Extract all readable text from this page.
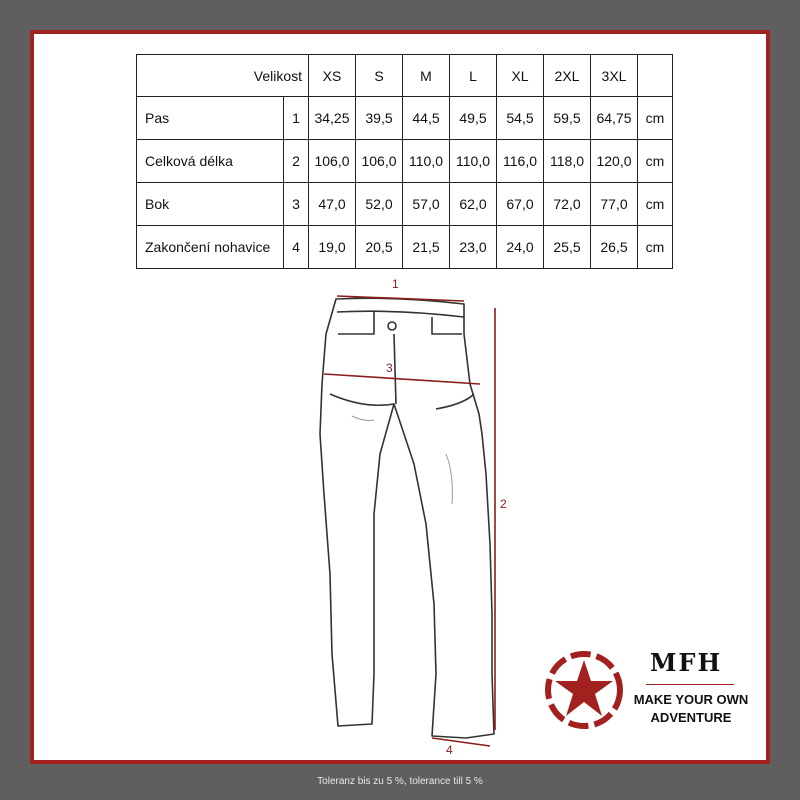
Velikost		XS	S	M	L	XL	2XL	3XL	
Pas	1	34,25	39,5	44,5	49,5	54,5	59,5	64,75	cm
Celková délka	2	106,0	106,0	110,0	110,0	116,0	118,0	120,0	cm
Bok	3	47,0	52,0	57,0	62,0	67,0	72,0	77,0	cm
Zakončení nohavice	4	19,0	20,5	21,5	23,0	24,0	25,5	26,5	cm
1
3
2
4
MFH
MAKE YOUR OWN
ADVENTURE
Toleranz bis zu 5 %, tolerance till 5 %
